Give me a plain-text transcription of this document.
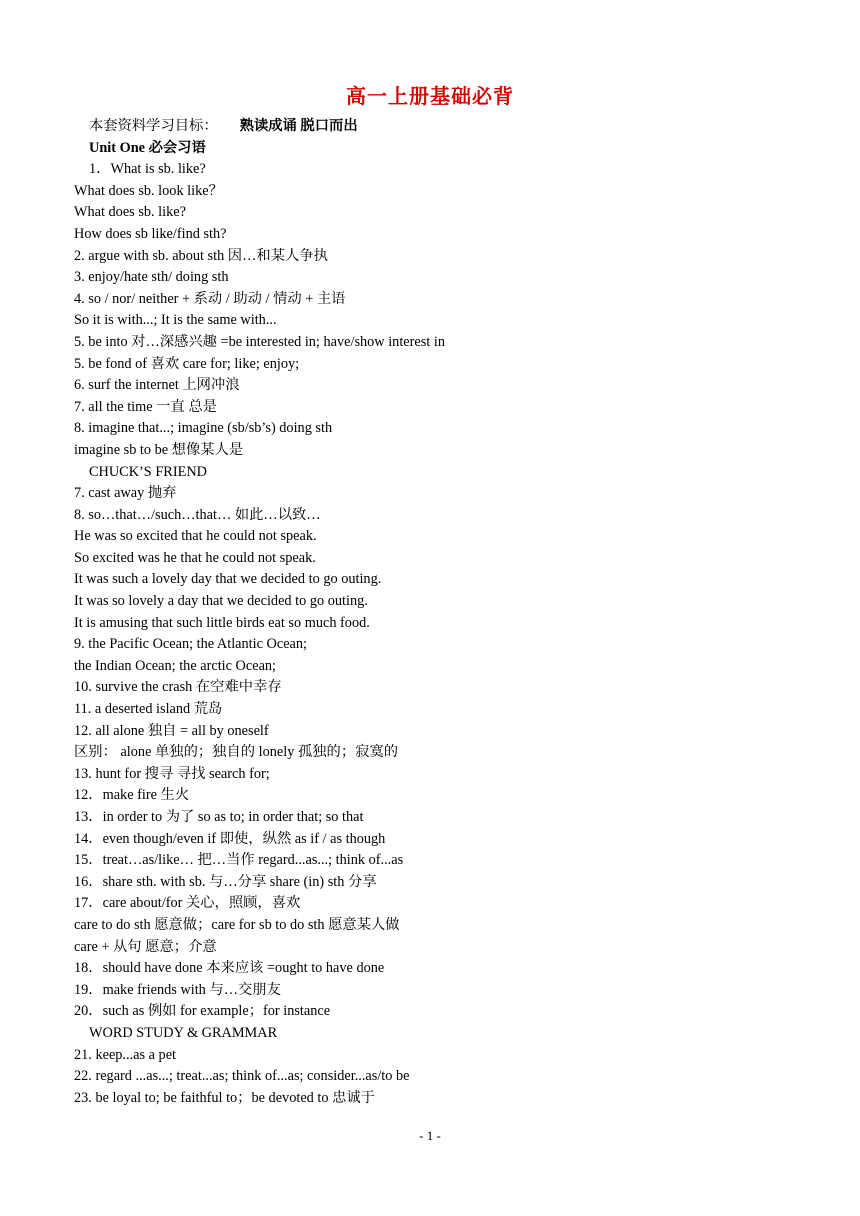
高一上册基础必背
本套资料学习目标： 熟读成诵 脱口而出
Unit One 必会习语
1．What is sb. like?
What does sb. look like？
What does sb. like?
How does sb like/find sth?
2. argue with sb. about sth 因…和某人争执
3. enjoy/hate sth/ doing sth
4. so / nor/ neither + 系动 / 助动 / 情动 + 主语
So it is with...; It is the same with...
5. be into 对…深感兴趣 =be interested in; have/show interest in
5. be fond of 喜欢 care for; like; enjoy;
6. surf the internet 上网冲浪
7. all the time 一直 总是
8. imagine that...; imagine (sb/sb’s) doing sth
imagine sb to be 想像某人是
CHUCK’S FRIEND
7. cast away 抛弃
8. so…that…/such…that… 如此…以致…
He was so excited that he could not speak.
So excited was he that he could not speak.
It was such a lovely day that we decided to go outing.
It was so lovely a day that we decided to go outing.
It is amusing that such little birds eat so much food.
9. the Pacific Ocean; the Atlantic Ocean;
the Indian Ocean; the arctic Ocean;
10. survive the crash 在空难中幸存
11. a deserted island 荒岛
12. all alone 独自 = all by oneself
区别： alone 单独的；独自的 lonely 孤独的；寂寞的
13. hunt for 搜寻 寻找 search for;
12．make fire 生火
13．in order to 为了 so as to; in order that; so that
14．even though/even if 即使，纵然 as if / as though
15．treat…as/like… 把…当作 regard...as...; think of...as
16．share sth. with sb. 与…分享 share (in) sth 分享
17．care about/for 关心，照顾，喜欢
care to do sth 愿意做；care for sb to do sth 愿意某人做
care + 从句 愿意；介意
18．should have done 本来应该 =ought to have done
19．make friends with 与…交朋友
20．such as 例如 for example；for instance
WORD STUDY & GRAMMAR
21. keep...as a pet
22. regard ...as...; treat...as; think of...as; consider...as/to be
23. be loyal to; be faithful to；be devoted to 忠诚于
- 1 -
